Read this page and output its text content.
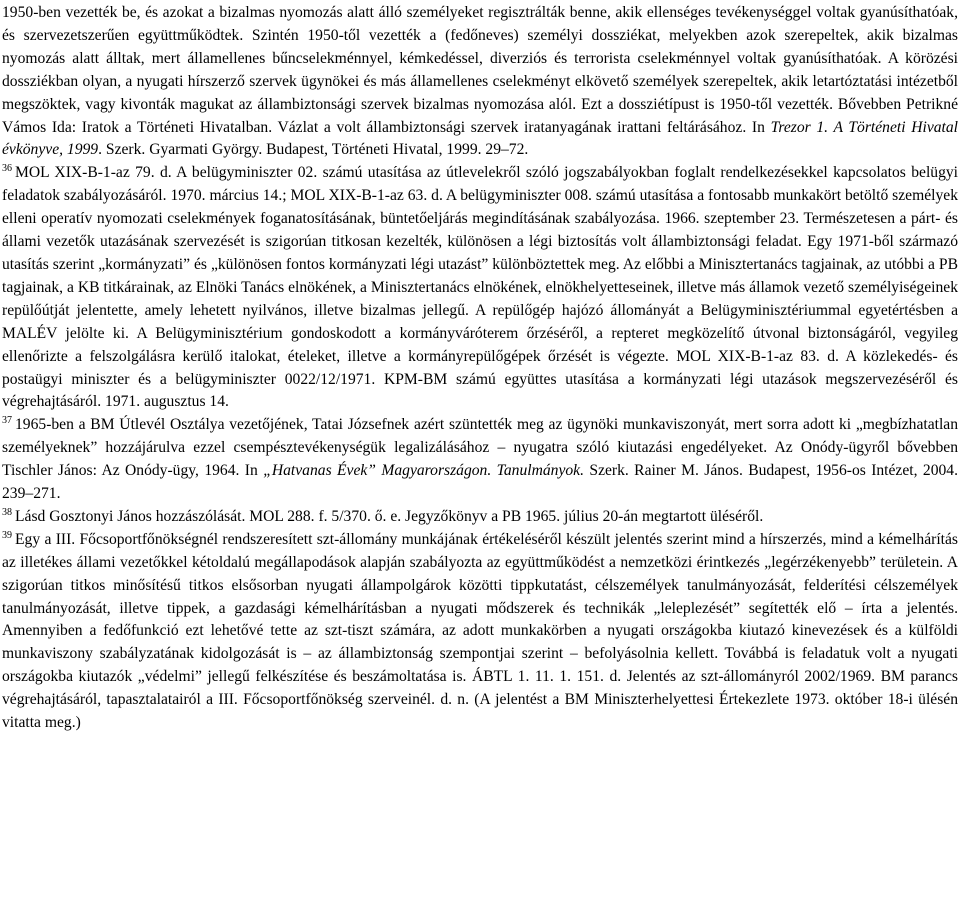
1950-ben vezették be, és azokat a bizalmas nyomozás alatt álló személyeket regisztrálták benne, akik ellenséges tevékenységgel voltak gyanúsíthatóak, és szervezetszerűen együttműködtek. Szintén 1950-től vezették a (fedőneves) személyi dossziékat, melyekben azok szerepeltek, akik bizalmas nyomozás alatt álltak, mert államellenes bűncselekménnyel, kémkedéssel, diverziós és terrorista cselekménnyel voltak gyanúsíthatóak. A körözési dossziékban olyan, a nyugati hírszerző szervek ügynökei és más államellenes cselekményt elkövető személyek szerepeltek, akik letartóztatási intézetből megszöktek, vagy kivonták magukat az állambiztonsági szervek bizalmas nyomozása alól. Ezt a dossziétípust is 1950-től vezették. Bővebben Petrikné Vámos Ida: Iratok a Történeti Hivatalban. Vázlat a volt állambiztonsági szervek iratanyagának irattani feltárásához. In Trezor 1. A Történeti Hivatal évkönyve, 1999. Szerk. Gyarmati György. Budapest, Történeti Hivatal, 1999. 29–72.

$^{36}$ MOL XIX-B-1-az 79. d. A belügyminiszter 02. számú utasítása az útlevelekről szóló jogszabályokban foglalt rendelkezésekkel kapcsolatos belügyi feladatok szabályozásáról. 1970. március 14.; MOL XIX-B-1-az 63. d. A belügyminiszter 008. számú utasítása a fontosabb munkakört betöltő személyek elleni operatív nyomozati cselekmények foganatosításának, büntetőeljárás megindításának szabályozása. 1966. szeptember 23. Természetesen a párt- és állami vezetők utazásának szervezését is szigorúan titkosan kezelték, különösen a légi biztosítás volt állambiztonsági feladat. Egy 1971-ből származó utasítás szerint „kormányzati” és „különösen fontos kormányzati légi utazást” különböztettek meg. Az előbbi a Minisztertanács tagjainak, az utóbbi a PB tagjainak, a KB titkárainak, az Elnöki Tanács elnökének, a Minisztertanács elnökének, elnökhelyetteseinek, illetve más államok vezető személyiségeinek repülőútját jelentette, amely lehetett nyilvános, illetve bizalmas jellegű. A repülőgép hajózó állományát a Belügyminisztériummal egyetértésben a MALÉV jelölte ki. A Belügyminisztérium gondoskodott a kormányváróterem őrzéséről, a repteret megközelítő útvonal biztonságáról, vegyileg ellenőrizte a felszolgálásra kerülő italokat, ételeket, illetve a kormányrepülőgépek őrzését is végezte. MOL XIX-B-1-az 83. d. A közlekedés- és postaügyi miniszter és a belügyminiszter 0022/12/1971. KPM-BM számú együttes utasítása a kormányzati légi utazások megszervezéséről és végrehajtásáról. 1971. augusztus 14.

$^{37}$ 1965-ben a BM Útlevél Osztálya vezetőjének, Tatai Józsefnek azért szüntették meg az ügynöki munkaviszonyát, mert sorra adott ki „megbízhatatlan személyeknek” hozzájárulva ezzel csempésztevékenységük legalizálásához – nyugatra szóló kiutazási engedélyeket. Az Onódy-ügyről bővebben Tischler János: Az Onódy-ügy, 1964. In „Hatvanas Évek” Magyarországon. Tanulmányok. Szerk. Rainer M. János. Budapest, 1956-os Intézet, 2004. 239–271.

$^{38}$ Lásd Gosztonyi János hozzászólását. MOL 288. f. 5/370. ő. e. Jegyzőkönyv a PB 1965. július 20-án megtartott üléséről.

$^{39}$ Egy a III. Főcsoportfőnökségnél rendszeresített szt-állomány munkájának értékeléséről készült jelentés szerint mind a hírszerzés, mind a kémelhárítás az illetékes állami vezetőkkel kétoldalú megállapodások alapján szabályozta az együttműködést a nemzetközi érintkezés „legérzékenyebb” területein. A szigorúan titkos minősítésű titkos elsősorban nyugati állampolgárok közötti tippkutatást, célszemélyek tanulmányozását, felderítési célszemélyek tanulmányozását, illetve tippek, a gazdasági kémelhárításban a nyugati mődszerek és technikák „leleplezését” segítették elő – írta a jelentés. Amennyiben a fedőfunkció ezt lehetővé tette az szt-tiszt számára, az adott munkakörben a nyugati országokba kiutazó kinevezések és a külföldi munkaviszony szabályzatának kidolgozását is – az állambiztonság szempontjai szerint – befolyásolnia kellett. Továbbá is feladatuk volt a nyugati országokba kiutazók „védelmi” jellegű felkészítése és beszámoltatása is. ÁBTL 1. 11. 1. 151. d. Jelentés az szt-állományról 2002/1969. BM parancs végrehajtásáról, tapasztalatairól a III. Főcsoportfőnökség szerveinél. d. n. (A jelentést a BM Miniszterhelyettesi Értekezlete 1973. október 18-i ülésén vitatta meg.)
